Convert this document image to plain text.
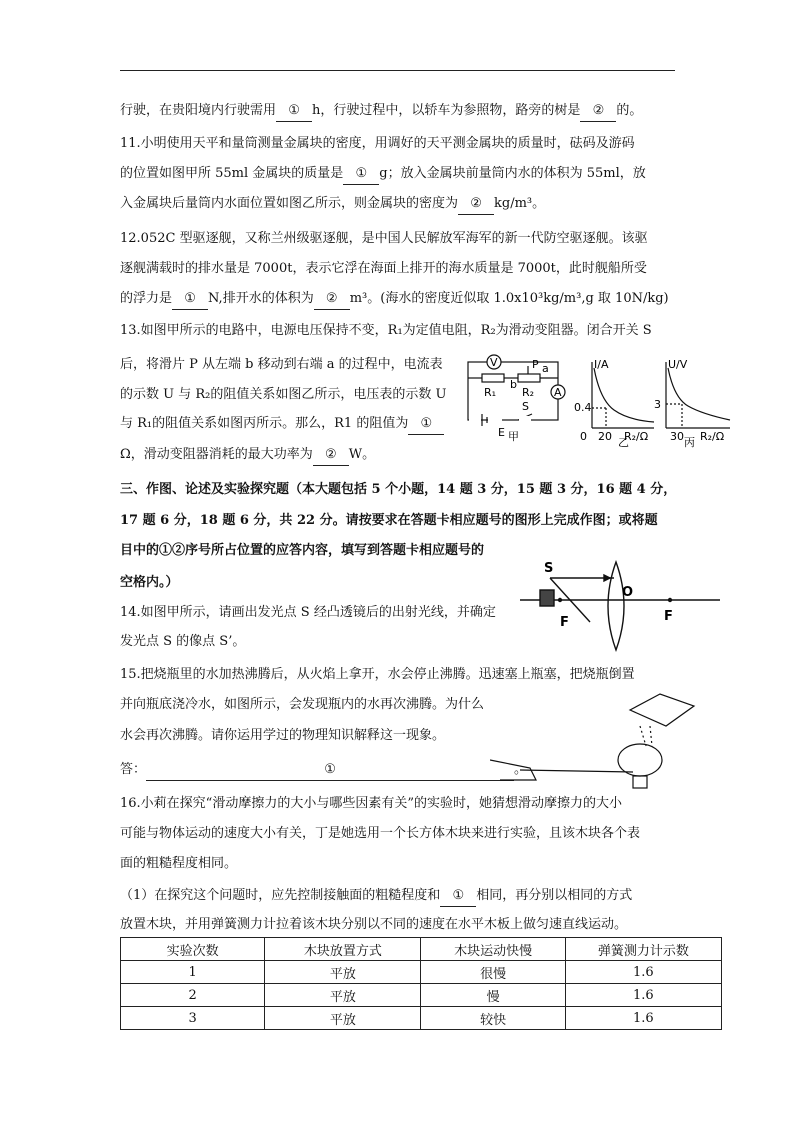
行驶，在贵阳境内行驶需用 ① h，行驶过程中，以轿车为参照物，路旁的树是 ② 的。
11.小明使用天平和量筒测量金属块的密度，用调好的天平测金属块的质量时，砝码及游码
的位置如图甲所 55ml 金属块的质量是 ① g；放入金属块前量筒内水的体积为 55ml，放
入金属块后量筒内水面位置如图乙所示，则金属块的密度为 ② kg/m³。
12.052C 型驱逐舰，又称兰州级驱逐舰，是中国人民解放军海军的新一代防空驱逐舰。该驱
逐舰满载时的排水量是 7000t，表示它浮在海面上排开的海水质量是 7000t，此时舰船所受
的浮力是 ① N,排开水的体积为 ② m³。(海水的密度近似取 1.0x10³kg/m³,g 取 10N/kg)
13.如图甲所示的电路中，电源电压保持不变，R₁为定值电阻，R₂为滑动变阻器。闭合开关 S
后，将滑片 P 从左端 b 移动到右端 a 的过程中，电流表
的示数 U 与 R₂的阻值关系如图乙所示，电压表的示数 U
与 R₁的阻值关系如图丙所示。那么，R1 的阻值为 ①
Ω，滑动变阻器消耗的最大功率为 ② W。
三、作图、论述及实验探究题（本大题包括 5 个小题，14 题 3 分，15 题 3 分，16 题 4 分，
17 题 6 分，18 题 6 分，共 22 分。请按要求在答题卡相应题号的图形上完成作图；或将题
目中的①②序号所占位置的应答内容，填写到答题卡相应题号的
空格内。）
14.如图甲所示，请画出发光点 S 经凸透镜后的出射光线，并确定
发光点 S 的像点 S’。
15.把烧瓶里的水加热沸腾后，从火焰上拿开，水会停止沸腾。迅速塞上瓶塞，把烧瓶倒置
并向瓶底浇冷水，如图所示，会发现瓶内的水再次沸腾。为什么
水会再次沸腾。请你运用学过的物理知识解释这一现象。
答：	①	。
16.小莉在探究“滑动摩擦力的大小与哪些因素有关”的实验时，她猜想滑动摩擦力的大小
可能与物体运动的速度大小有关，丁是她选用一个长方体木块来进行实验，且该木块各个表
面的粗糙程度相同。
（1）在探究这个问题时，应先控制接触面的粗糙程度和 ① 相同，再分别以相同的方式
放置木块，并用弹簧测力计拉着该木块分别以不同的速度在水平木板上做匀速直线运动。
V
A
R₁ R₂
b
P a
S
E 甲
I/A
0.4
0 20 R₂/Ω
乙
U/V
3
30 R₂/Ω
丙
S
O
F	F
实验次数	木块放置方式	木块运动快慢	弹簧测力计示数
1	平放	很慢	1.6
2	平放	慢	1.6
3	平放	较快	1.6
